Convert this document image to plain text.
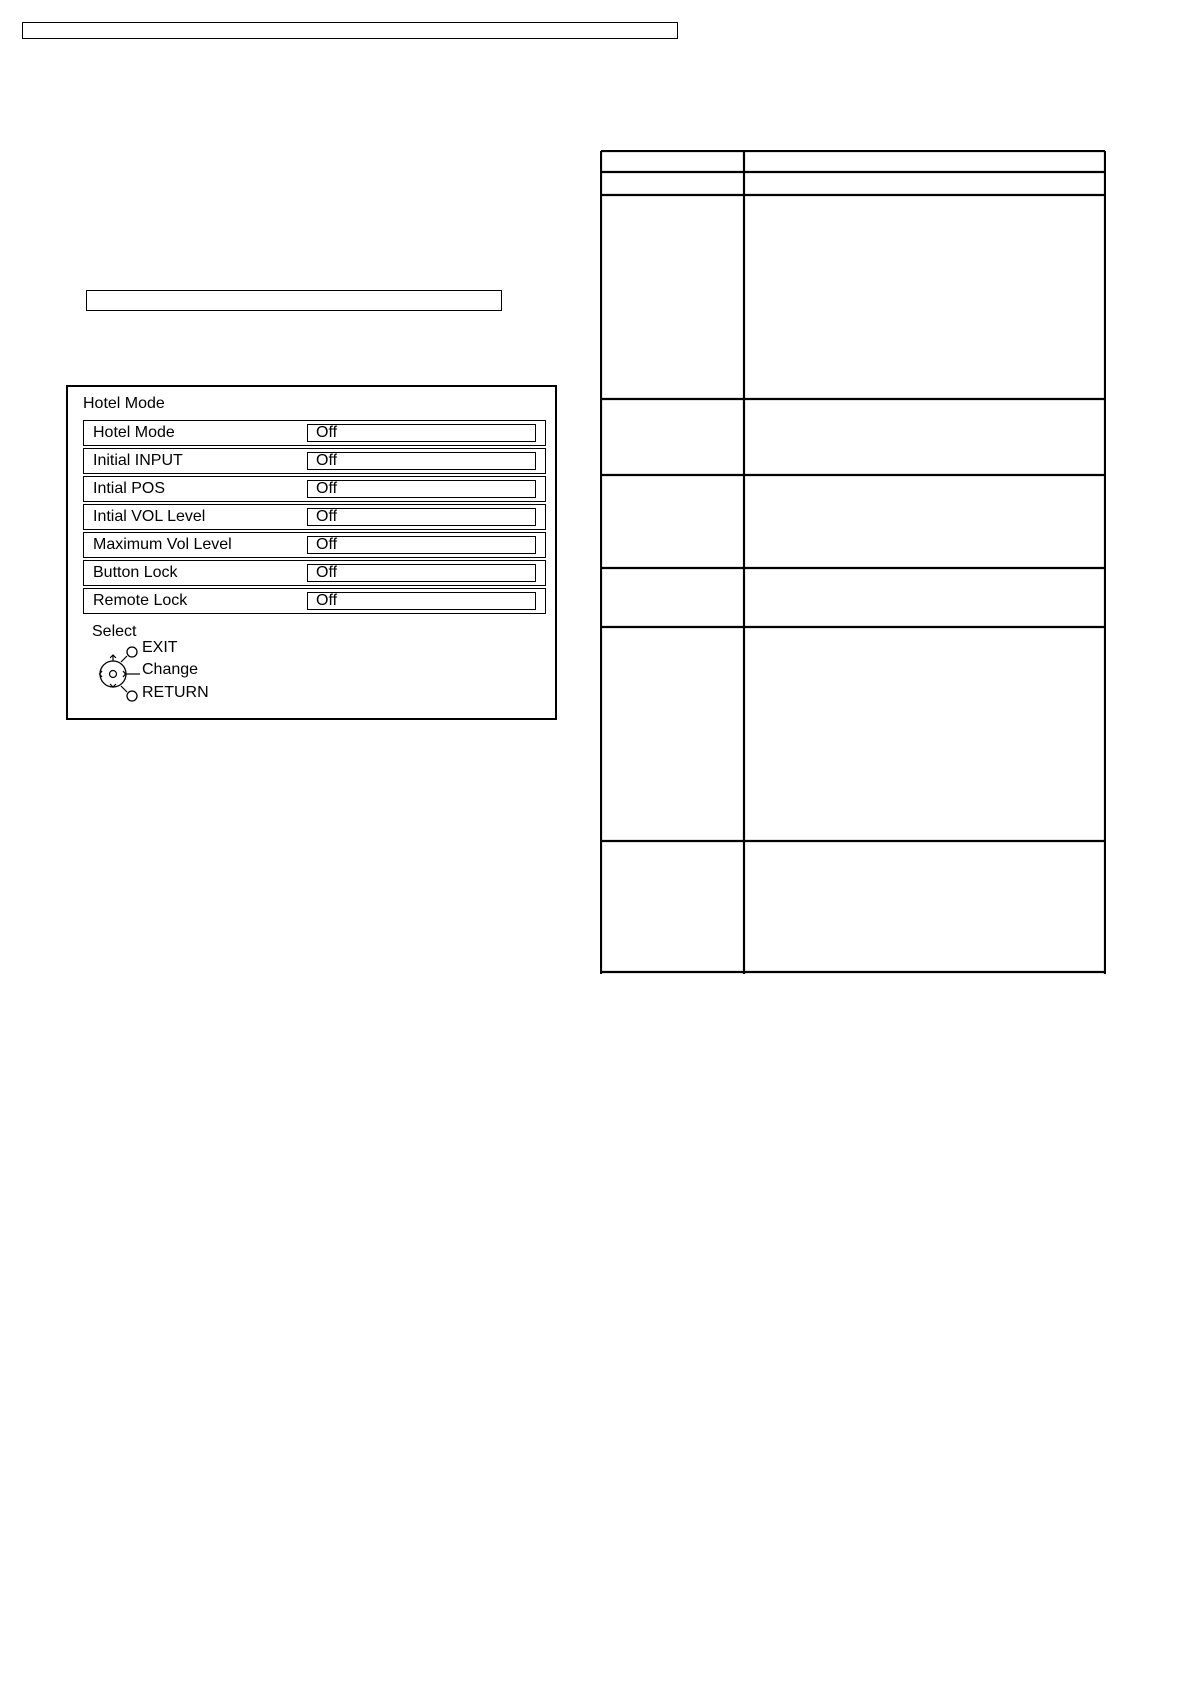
Hotel Mode
Hotel Mode	Off
Initial INPUT	Off
Intial POS	Off
Intial VOL Level	Off
Maximum Vol Level	Off
Button Lock	Off
Remote Lock	Off
Select
EXIT
Change
RETURN
